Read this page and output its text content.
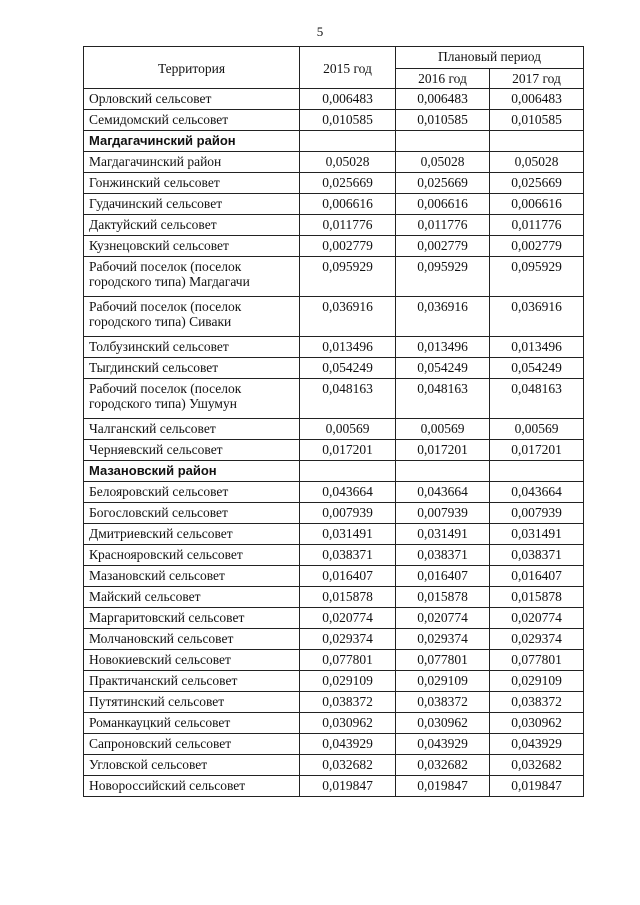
5
Территория	2015 год	Плановый период	
		2016 год	2017 год
Орловский сельсовет	0,006483	0,006483	0,006483
Семидомский сельсовет	0,010585	0,010585	0,010585
Магдагачинский район			
Магдагачинский район	0,05028	0,05028	0,05028
Гонжинский сельсовет	0,025669	0,025669	0,025669
Гудачинский сельсовет	0,006616	0,006616	0,006616
Дактуйский сельсовет	0,011776	0,011776	0,011776
Кузнецовский сельсовет	0,002779	0,002779	0,002779
Рабочий поселок (поселок городского типа) Магдагачи	0,095929	0,095929	0,095929
Рабочий поселок (поселок городского типа) Сиваки	0,036916	0,036916	0,036916
Толбузинский сельсовет	0,013496	0,013496	0,013496
Тыгдинский сельсовет	0,054249	0,054249	0,054249
Рабочий поселок (поселок городского типа) Ушумун	0,048163	0,048163	0,048163
Чалганский сельсовет	0,00569	0,00569	0,00569
Черняевский сельсовет	0,017201	0,017201	0,017201
Мазановский район			
Белояровский сельсовет	0,043664	0,043664	0,043664
Богословский сельсовет	0,007939	0,007939	0,007939
Дмитриевский сельсовет	0,031491	0,031491	0,031491
Краснояровский сельсовет	0,038371	0,038371	0,038371
Мазановский сельсовет	0,016407	0,016407	0,016407
Майский сельсовет	0,015878	0,015878	0,015878
Маргаритовский сельсовет	0,020774	0,020774	0,020774
Молчановский сельсовет	0,029374	0,029374	0,029374
Новокиевский сельсовет	0,077801	0,077801	0,077801
Практичанский сельсовет	0,029109	0,029109	0,029109
Путятинский сельсовет	0,038372	0,038372	0,038372
Романкауцкий сельсовет	0,030962	0,030962	0,030962
Сапроновский сельсовет	0,043929	0,043929	0,043929
Угловской сельсовет	0,032682	0,032682	0,032682
Новороссийский сельсовет	0,019847	0,019847	0,019847
